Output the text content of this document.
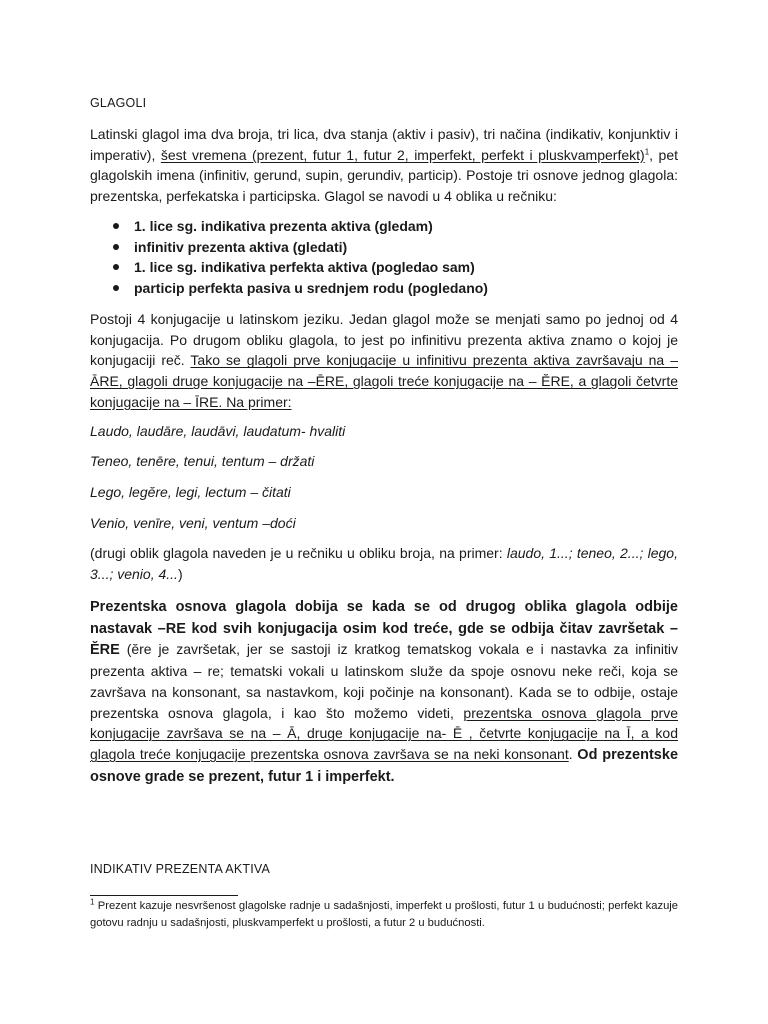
GLAGOLI

Latinski glagol ima dva broja, tri lica, dva stanja (aktiv i pasiv), tri načina (indikativ, konjunktiv i imperativ), šest vremena (prezent, futur 1, futur 2, imperfekt, perfekt i pluskvamperfekt)$^1$, pet glagolskih imena (infinitiv, gerund, supin, gerundiv, particip). Postoje tri osnove jednog glagola: prezentska, perfekatska i participska. Glagol se navodi u 4 oblika u rečniku:

1. lice sg. indikativa prezenta aktiva (gledam)
infinitiv prezenta aktiva (gledati)
1. lice sg. indikativa perfekta aktiva (pogledao sam)
particip perfekta pasiva u srednjem rodu (pogledano)

Postoji 4 konjugacije u latinskom jeziku. Jedan glagol može se menjati samo po jednoj od 4 konjugacija. Po drugom obliku glagola, to jest po infinitivu prezenta aktiva znamo o kojoj je konjugaciji reč. Tako se glagoli prve konjugacije u infinitivu prezenta aktiva završavaju na – ĀRE, glagoli druge konjugacije na –ĒRE, glagoli treće konjugacije na – ĔRE, a glagoli četvrte konjugacije na – ĪRE. Na primer:

Laudo, laudāre, laudāvi, laudatum- hvaliti

Teneo, tenēre, tenui, tentum – držati

Lego, legĕre, legi, lectum – čitati

Venio, venīre, veni, ventum –doći

(drugi oblik glagola naveden je u rečniku u obliku broja, na primer: laudo, 1...; teneo, 2...; lego, 3...; venio, 4...)

Prezentska osnova glagola dobija se kada se od drugog oblika glagola odbije nastavak –RE kod svih konjugacija osim kod treće, gde se odbija čitav završetak – ĔRE (ĕre je završetak, jer se sastoji iz kratkog tematskog vokala e i nastavka za infinitiv prezenta aktiva – re; tematski vokali u latinskom služe da spoje osnovu neke reči, koja se završava na konsonant, sa nastavkom, koji počinje na konsonant). Kada se to odbije, ostaje prezentska osnova glagola, i kao što možemo videti, prezentska osnova glagola prve konjugacije završava se na – Ā, druge konjugacije na- Ē , četvrte konjugacije na Ī, a kod glagola treće konjugacije prezentska osnova završava se na neki konsonant. Od prezentske osnove grade se prezent, futur 1 i imperfekt.

INDIKATIV PREZENTA AKTIVA
$^1$ Prezent kazuje nesvršenost glagolske radnje u sadašnjosti, imperfekt u prošlosti, futur 1 u budućnosti; perfekt kazuje gotovu radnju u sadašnjosti, pluskvamperfekt u prošlosti, a futur 2 u budućnosti.
